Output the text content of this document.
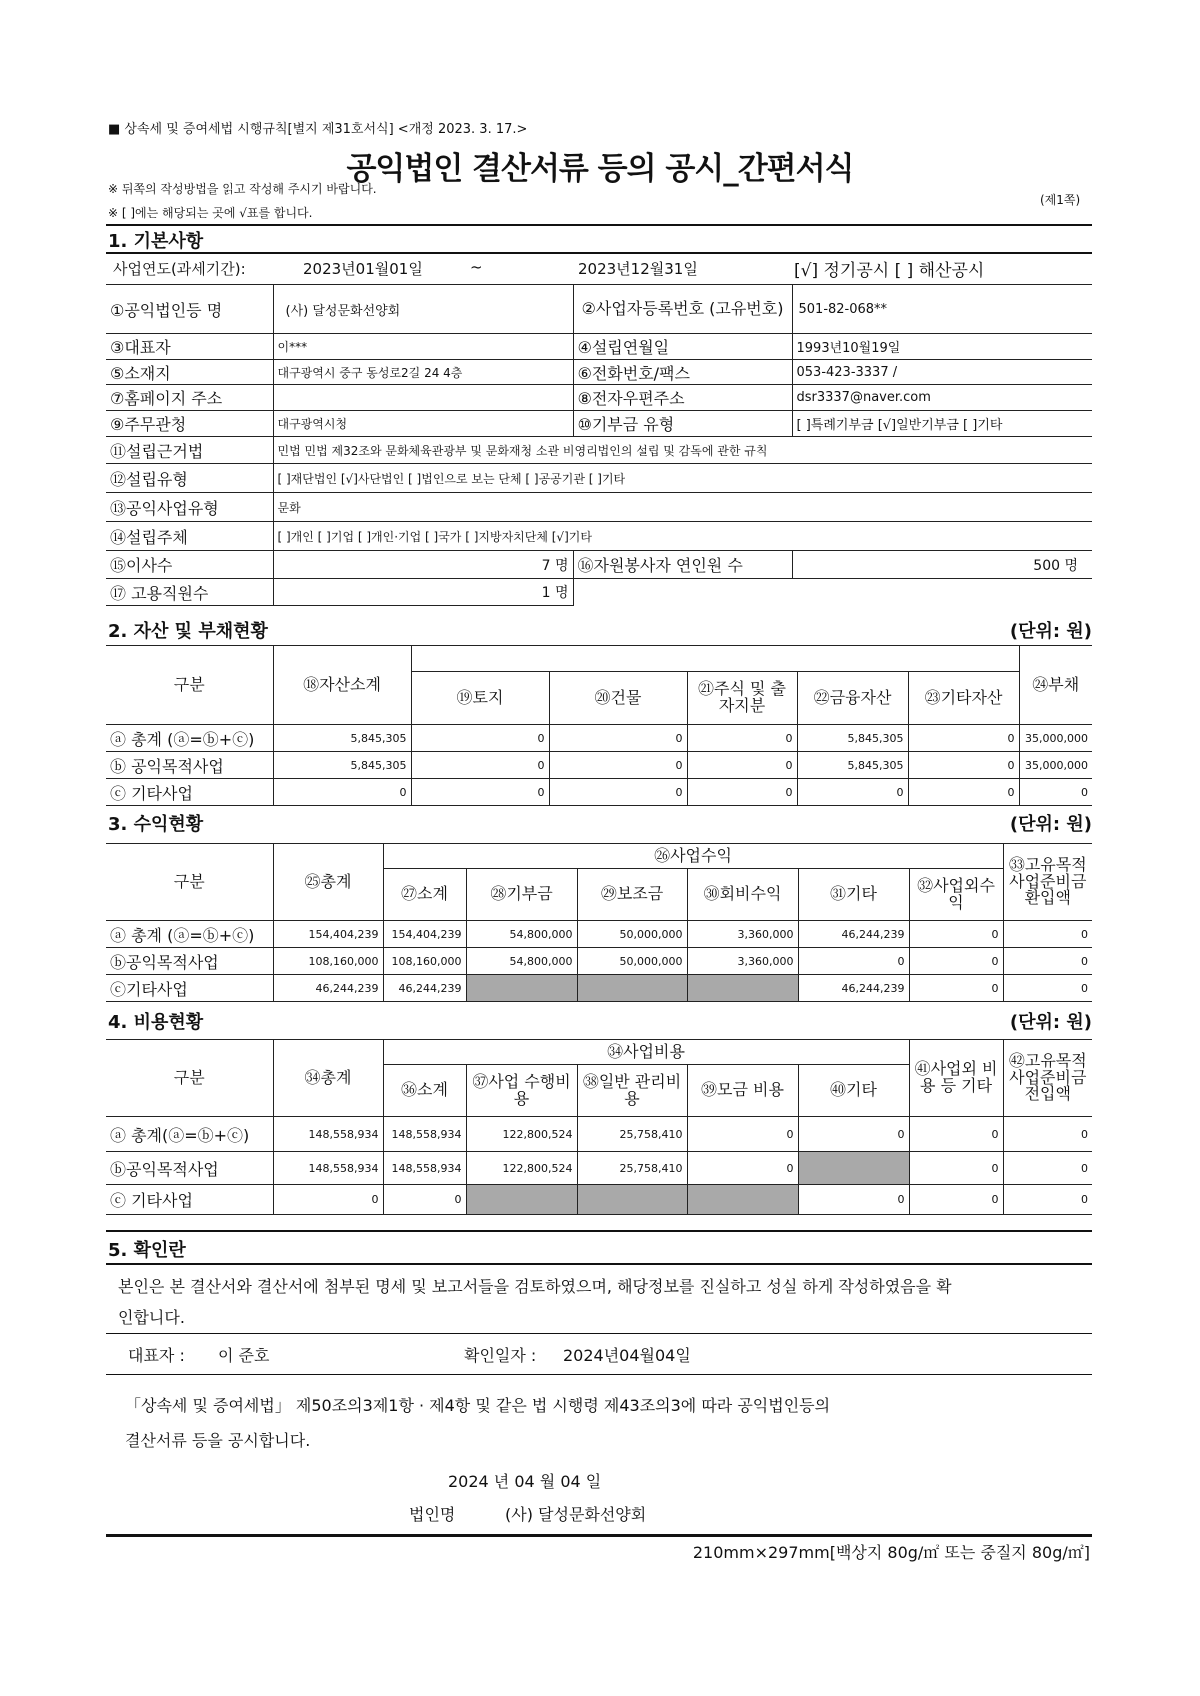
■ 상속세 및 증여세법 시행규칙[별지 제31호서식] <개정 2023. 3. 17.>
공익법인 결산서류 등의 공시_간편서식
※ 뒤쪽의 작성방법을 읽고 작성해 주시기 바랍니다.
※ [ ]에는 해당되는 곳에 √표를 합니다.
(제1쪽)
1. 기본사항
사업연도(과세기간):	2023년01월01일	~	2023년12월31일	[√] 정기공시 [ ] 해산공시
①공익법인등 명	(사) 달성문화선양회	②사업자등록번호 (고유번호)	501-82-068**
③대표자	이***	④설립연월일	1993년10월19일
⑤소재지	대구광역시 중구 동성로2길 24 4층	⑥전화번호/팩스	053-423-3337 /
⑦홈페이지 주소		⑧전자우편주소	dsr3337@naver.com
⑨주무관청	대구광역시청	⑩기부금 유형	[ ]특례기부금 [√]일반기부금 [ ]기타
⑪설립근거법	민법 민법 제32조와 문화체육관광부 및 문화재청 소관 비영리법인의 설립 및 감독에 관한 규칙		
⑫설립유형	[ ]재단법인 [√]사단법인 [ ]법인으로 보는 단체 [ ]공공기관 [ ]기타		
⑬공익사업유형	문화		
⑭설립주체	[ ]개인 [ ]기업 [ ]개인·기업 [ ]국가 [ ]지방자치단체 [√]기타		
⑮이사수	7 명	⑯자원봉사자 연인원 수	500 명
⑰ 고용직원수	1 명		
2. 자산 및 부채현황	(단위: 원)
구분	⑱자산소계						㉔부채
		⑲토지	⑳건물	㉑주식 및 출자지분	㉒금융자산	㉓기타자산	
ⓐ 총계 (ⓐ=ⓑ+ⓒ)	5,845,305	0	0	0	5,845,305	0	35,000,000
ⓑ 공익목적사업	5,845,305	0	0	0	5,845,305	0	35,000,000
ⓒ 기타사업	0	0	0	0	0	0	0
3. 수익현황	(단위: 원)
구분	㉕총계	㉖사업수익						㉝고유목적사업준비금환입액
		㉗소계	㉘기부금	㉙보조금	㉚회비수익	㉛기타	㉜사업외수익	
ⓐ 총계 (ⓐ=ⓑ+ⓒ)	154,404,239	154,404,239	54,800,000	50,000,000	3,360,000	46,244,239	0	0
ⓑ공익목적사업	108,160,000	108,160,000	54,800,000	50,000,000	3,360,000	0	0	0
ⓒ기타사업	46,244,239	46,244,239				46,244,239	0	0
4. 비용현황	(단위: 원)
구분	㉞총계	㉞사업비용					㊶사업외 비용 등 기타	㊷고유목적사업준비금전입액
		㊱소계	㊲사업 수행비용	㊳일반 관리비용	㊴모금 비용	㊵기타		
ⓐ 총계(ⓐ=ⓑ+ⓒ)	148,558,934	148,558,934	122,800,524	25,758,410	0	0	0	0
ⓑ공익목적사업	148,558,934	148,558,934	122,800,524	25,758,410	0		0	0
ⓒ 기타사업	0	0				0	0	0
5. 확인란
본인은 본 결산서와 결산서에 첨부된 명세 및 보고서들을 검토하였으며, 해당정보를 진실하고 성실 하게 작성하였음을 확
인합니다.
대표자 : 이 준호	확인일자 : 2024년04월04일
「상속세 및 증여세법」 제50조의3제1항 · 제4항 및 같은 법 시행령 제43조의3에 따라 공익법인등의
결산서류 등을 공시합니다.
2024 년 04 월 04 일
법인명	(사) 달성문화선양회
210mm×297mm[백상지 80g/㎡ 또는 중질지 80g/㎡]
